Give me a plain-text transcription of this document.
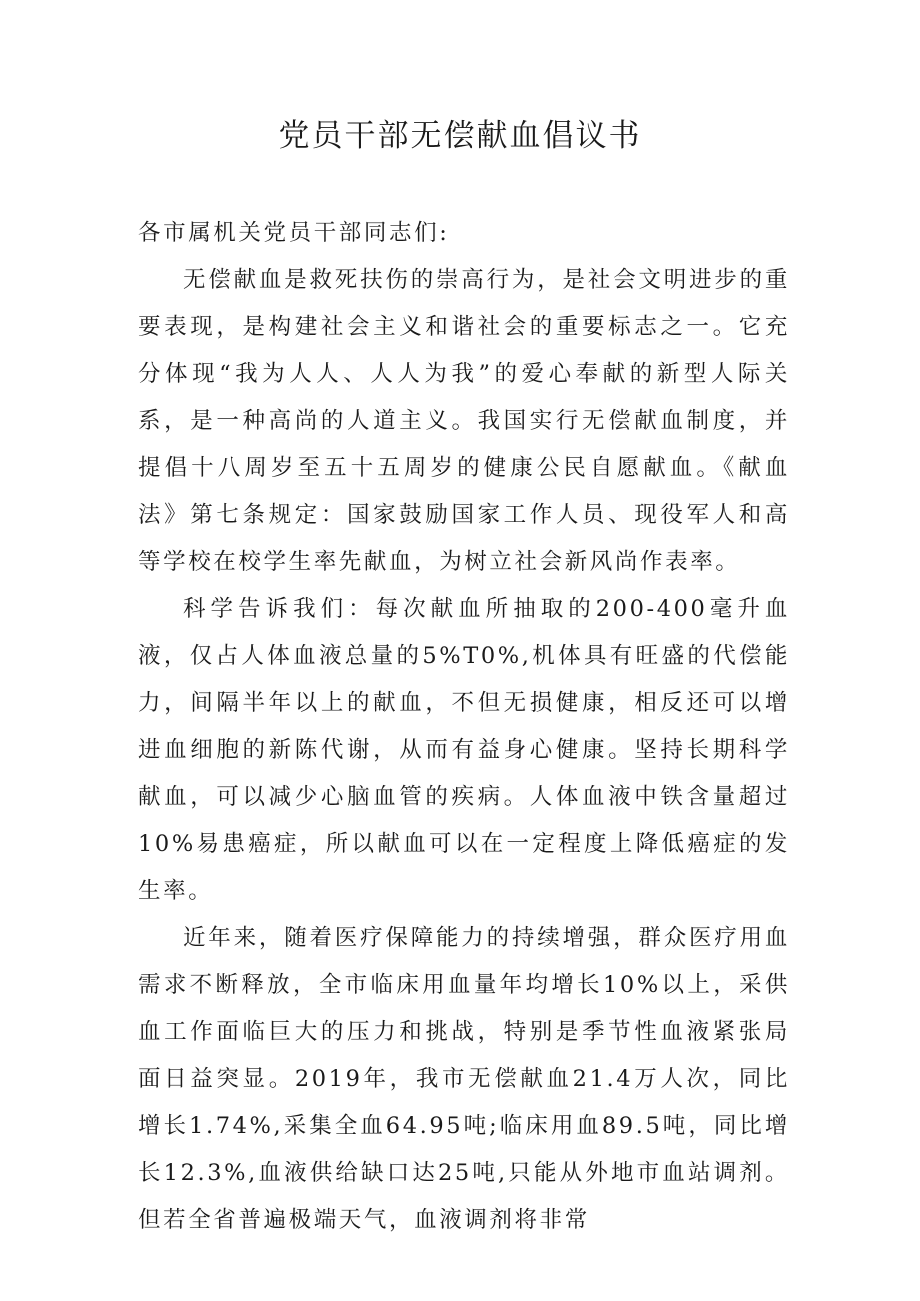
党员干部无偿献血倡议书

各市属机关党员干部同志们:

无偿献血是救死扶伤的崇高行为，是社会文明进步的重要表现，是构建社会主义和谐社会的重要标志之一。它充分体现“我为人人、人人为我”的爱心奉献的新型人际关系，是一种高尚的人道主义。我国实行无偿献血制度，并提倡十八周岁至五十五周岁的健康公民自愿献血。《献血法》第七条规定：国家鼓励国家工作人员、现役军人和高等学校在校学生率先献血，为树立社会新风尚作表率。

科学告诉我们：每次献血所抽取的200-400毫升血液，仅占人体血液总量的5%T0%,机体具有旺盛的代偿能力，间隔半年以上的献血，不但无损健康，相反还可以增进血细胞的新陈代谢，从而有益身心健康。坚持长期科学献血，可以减少心脑血管的疾病。人体血液中铁含量超过10%易患癌症，所以献血可以在一定程度上降低癌症的发生率。

近年来，随着医疗保障能力的持续增强，群众医疗用血需求不断释放，全市临床用血量年均增长10%以上，采供血工作面临巨大的压力和挑战，特别是季节性血液紧张局面日益突显。2019年，我市无偿献血21.4万人次，同比增长1.74%,采集全血64.95吨;临床用血89.5吨，同比增长12.3%,血液供给缺口达25吨,只能从外地市血站调剂。但若全省普遍极端天气，血液调剂将非常
